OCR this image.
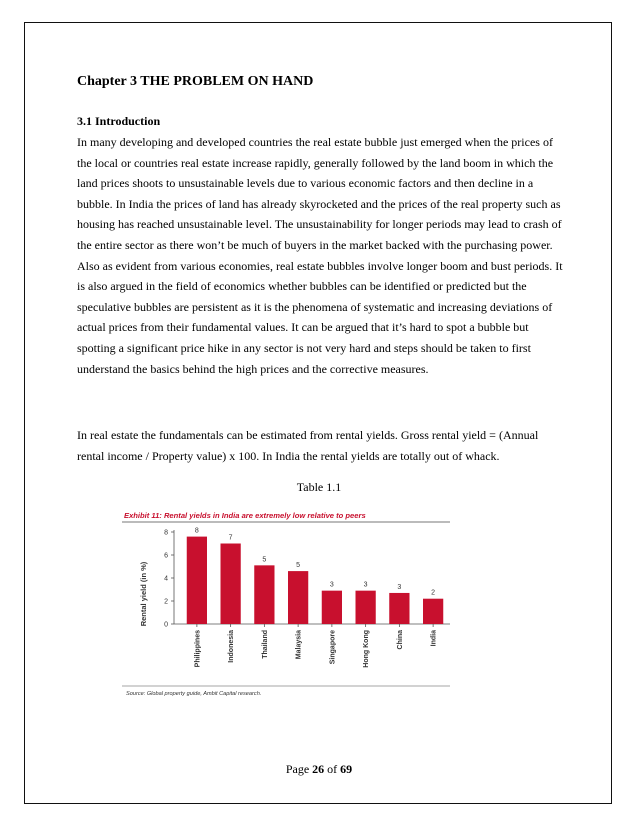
Chapter 3 THE PROBLEM ON HAND
3.1 Introduction
In many developing and developed countries the real estate bubble just emerged when the prices of the local or countries real estate increase rapidly, generally followed by the land boom in which the land prices shoots to unsustainable levels due to various economic factors and then decline in a bubble. In India the prices of land has already skyrocketed and the prices of the real property such as housing has reached unsustainable level. The unsustainability for longer periods may lead to crash of the entire sector as there won’t be much of buyers in the market backed with the purchasing power. Also as evident from various economies, real estate bubbles involve longer boom and bust periods. It is also argued in the field of economics whether bubbles can be identified or predicted but the speculative bubbles are persistent as it is the phenomena of systematic and increasing deviations of actual prices from their fundamental values. It can be argued that it’s hard to spot a bubble but spotting a significant price hike in any sector is not very hard and steps should be taken to first understand the basics behind the high prices and the corrective measures.
In real estate the fundamentals can be estimated from rental yields. Gross rental yield = (Annual rental income / Property value) x 100. In India the rental yields are totally out of whack.
Table 1.1
Exhibit 11: Rental yields in India are extremely low relative to peers
Rental yield (in %) 0
2
4
6
8	8
Philippines
7
Indonesia
5
Thailand
5
Malaysia
3
Singapore
3
Hong Kong
3
China
2
India
Source: Global property guide, Ambit Capital research.
Page 26 of 69
